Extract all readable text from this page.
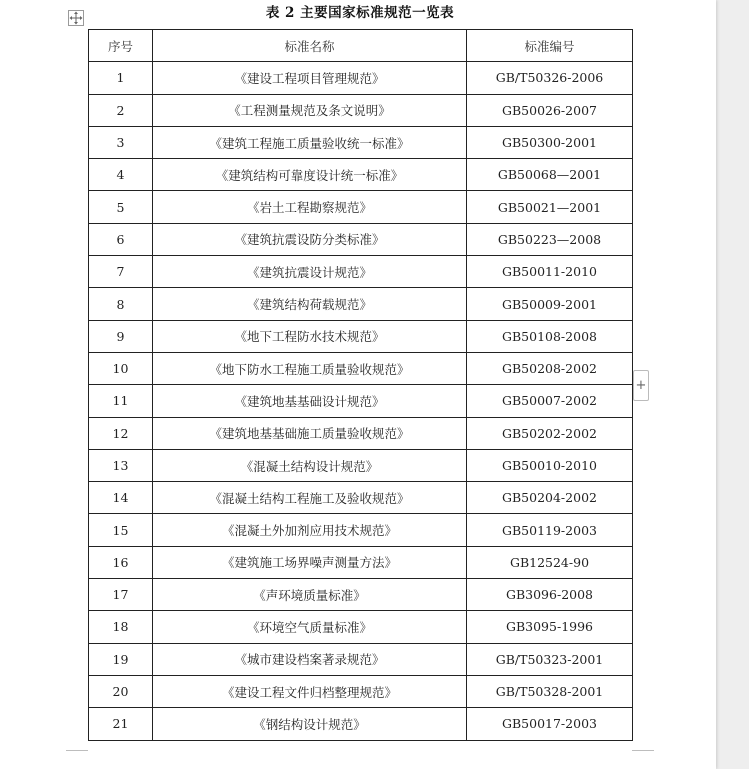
表 2 主要国家标准规范一览表
序号	标准名称	标准编号
1	《建设工程项目管理规范》	GB/T50326-2006
2	《工程测量规范及条文说明》	GB50026-2007
3	《建筑工程施工质量验收统一标准》	GB50300-2001
4	《建筑结构可靠度设计统一标准》	GB50068—2001
5	《岩土工程勘察规范》	GB50021—2001
6	《建筑抗震设防分类标准》	GB50223—2008
7	《建筑抗震设计规范》	GB50011-2010
8	《建筑结构荷载规范》	GB50009-2001
9	《地下工程防水技术规范》	GB50108-2008
10	《地下防水工程施工质量验收规范》	GB50208-2002
11	《建筑地基基础设计规范》	GB50007-2002
12	《建筑地基基础施工质量验收规范》	GB50202-2002
13	《混凝土结构设计规范》	GB50010-2010
14	《混凝土结构工程施工及验收规范》	GB50204-2002
15	《混凝土外加剂应用技术规范》	GB50119-2003
16	《建筑施工场界噪声测量方法》	GB12524-90
17	《声环境质量标准》	GB3096-2008
18	《环境空气质量标准》	GB3095-1996
19	《城市建设档案著录规范》	GB/T50323-2001
20	《建设工程文件归档整理规范》	GB/T50328-2001
21	《钢结构设计规范》	GB50017-2003
+
